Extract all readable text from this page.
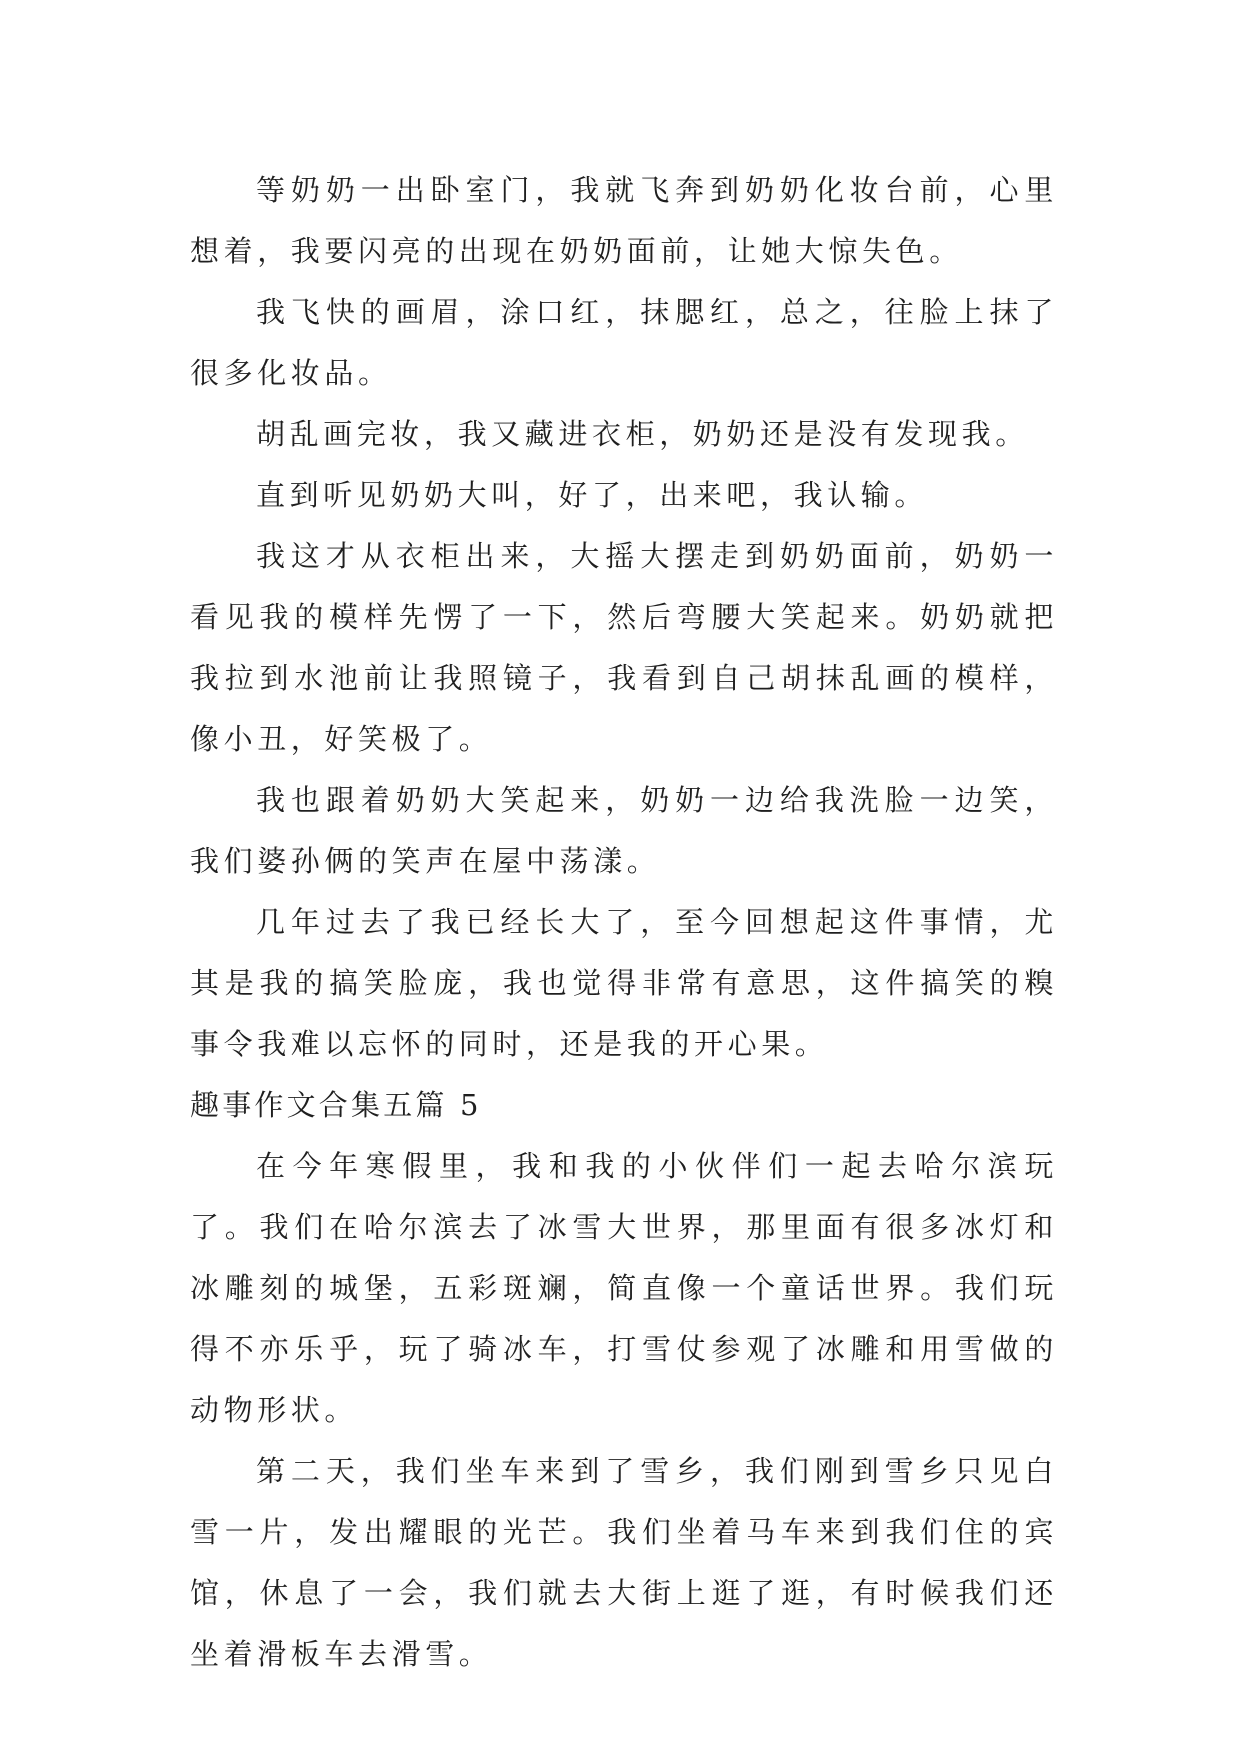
等奶奶一出卧室门，我就飞奔到奶奶化妆台前，心里想着，我要闪亮的出现在奶奶面前，让她大惊失色。

我飞快的画眉，涂口红，抹腮红，总之，往脸上抹了很多化妆品。

胡乱画完妆，我又藏进衣柜，奶奶还是没有发现我。

直到听见奶奶大叫，好了，出来吧，我认输。

我这才从衣柜出来，大摇大摆走到奶奶面前，奶奶一看见我的模样先愣了一下，然后弯腰大笑起来。奶奶就把我拉到水池前让我照镜子，我看到自己胡抹乱画的模样，像小丑，好笑极了。

我也跟着奶奶大笑起来，奶奶一边给我洗脸一边笑，我们婆孙俩的笑声在屋中荡漾。

几年过去了我已经长大了，至今回想起这件事情，尤其是我的搞笑脸庞，我也觉得非常有意思，这件搞笑的糗事令我难以忘怀的同时，还是我的开心果。

趣事作文合集五篇 5

在今年寒假里，我和我的小伙伴们一起去哈尔滨玩了。我们在哈尔滨去了冰雪大世界，那里面有很多冰灯和冰雕刻的城堡，五彩斑斓，简直像一个童话世界。我们玩得不亦乐乎，玩了骑冰车，打雪仗参观了冰雕和用雪做的动物形状。

第二天，我们坐车来到了雪乡，我们刚到雪乡只见白雪一片，发出耀眼的光芒。我们坐着马车来到我们住的宾馆，休息了一会，我们就去大街上逛了逛，有时候我们还坐着滑板车去滑雪。
